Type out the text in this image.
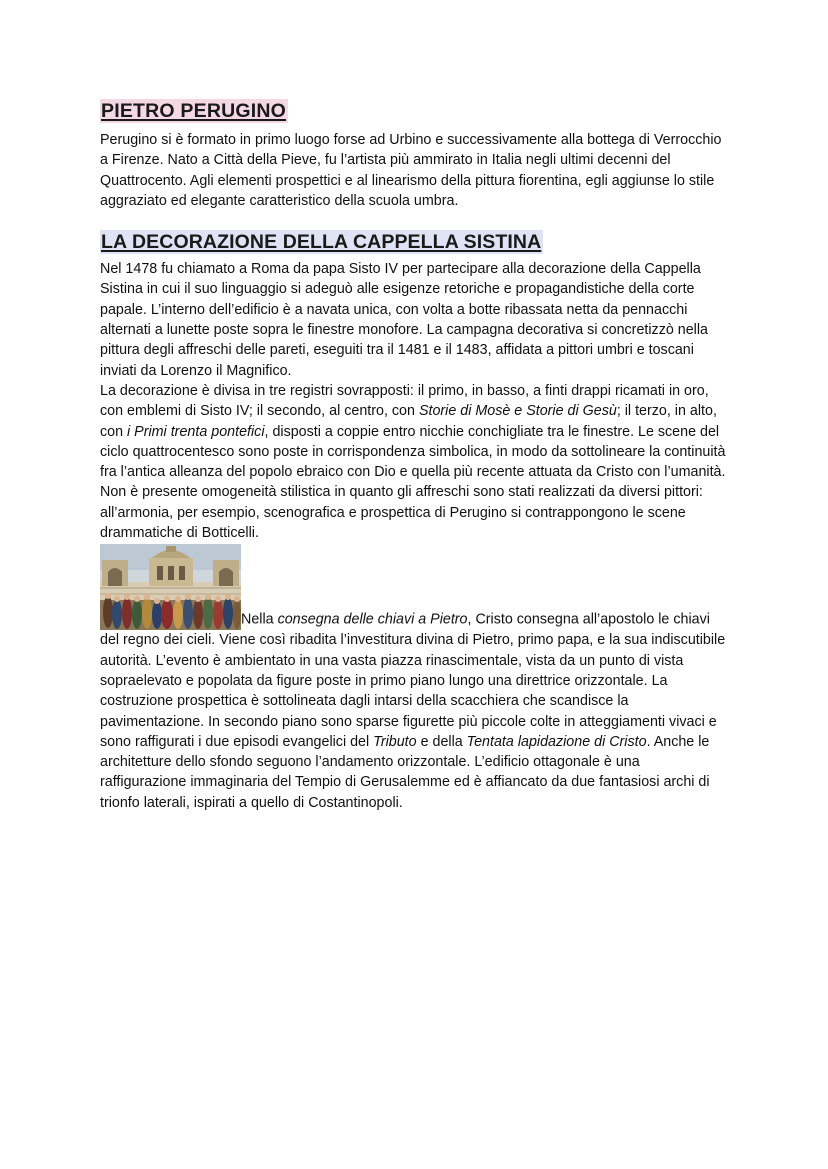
PIETRO PERUGINO

Perugino si è formato in primo luogo forse ad Urbino e successivamente alla bottega di Verrocchio a Firenze. Nato a Città della Pieve, fu l’artista più ammirato in Italia negli ultimi decenni del Quattrocento. Agli elementi prospettici e al linearismo della pittura fiorentina, egli aggiunse lo stile aggraziato ed elegante caratteristico della scuola umbra.

LA DECORAZIONE DELLA CAPPELLA SISTINA

Nel 1478 fu chiamato a Roma da papa Sisto IV per partecipare alla decorazione della Cappella Sistina in cui il suo linguaggio si adeguò alle esigenze retoriche e propagandistiche della corte papale. L’interno dell’edificio è a navata unica, con volta a botte ribassata netta da pennacchi alternati a lunette poste sopra le finestre monofore. La campagna decorativa si concretizzò nella pittura degli affreschi delle pareti, eseguiti tra il 1481 e il 1483, affidata a pittori umbri e toscani inviati da Lorenzo il Magnifico.

La decorazione è divisa in tre registri sovrapposti: il primo, in basso, a finti drappi ricamati in oro, con emblemi di Sisto IV; il secondo, al centro, con Storie di Mosè e Storie di Gesù; il terzo, in alto, con i Primi trenta pontefici, disposti a coppie entro nicchie conchigliate tra le finestre. Le scene del ciclo quattrocentesco sono poste in corrispondenza simbolica, in modo da sottolineare la continuità fra l’antica alleanza del popolo ebraico con Dio e quella più recente attuata da Cristo con l’umanità. Non è presente omogeneità stilistica in quanto gli affreschi sono stati realizzati da diversi pittori: all’armonia, per esempio, scenografica e prospettica di Perugino si contrappongono le scene drammatiche di Botticelli.

Nella consegna delle chiavi a Pietro, Cristo consegna all’apostolo le chiavi del regno dei cieli. Viene così ribadita l’investitura divina di Pietro, primo papa, e la sua indiscutibile autorità. L’evento è ambientato in una vasta piazza rinascimentale, vista da un punto di vista sopraelevato e popolata da figure poste in primo piano lungo una direttrice orizzontale. La costruzione prospettica è sottolineata dagli intarsi della scacchiera che scandisce la pavimentazione. In secondo piano sono sparse figurette più piccole colte in atteggiamenti vivaci e sono raffigurati i due episodi evangelici del Tributo e della Tentata lapidazione di Cristo. Anche le architetture dello sfondo seguono l’andamento orizzontale. L’edificio ottagonale è una raffigurazione immaginaria del Tempio di Gerusalemme ed è affiancato da due fantasiosi archi di trionfo laterali, ispirati a quello di Costantinopoli.
